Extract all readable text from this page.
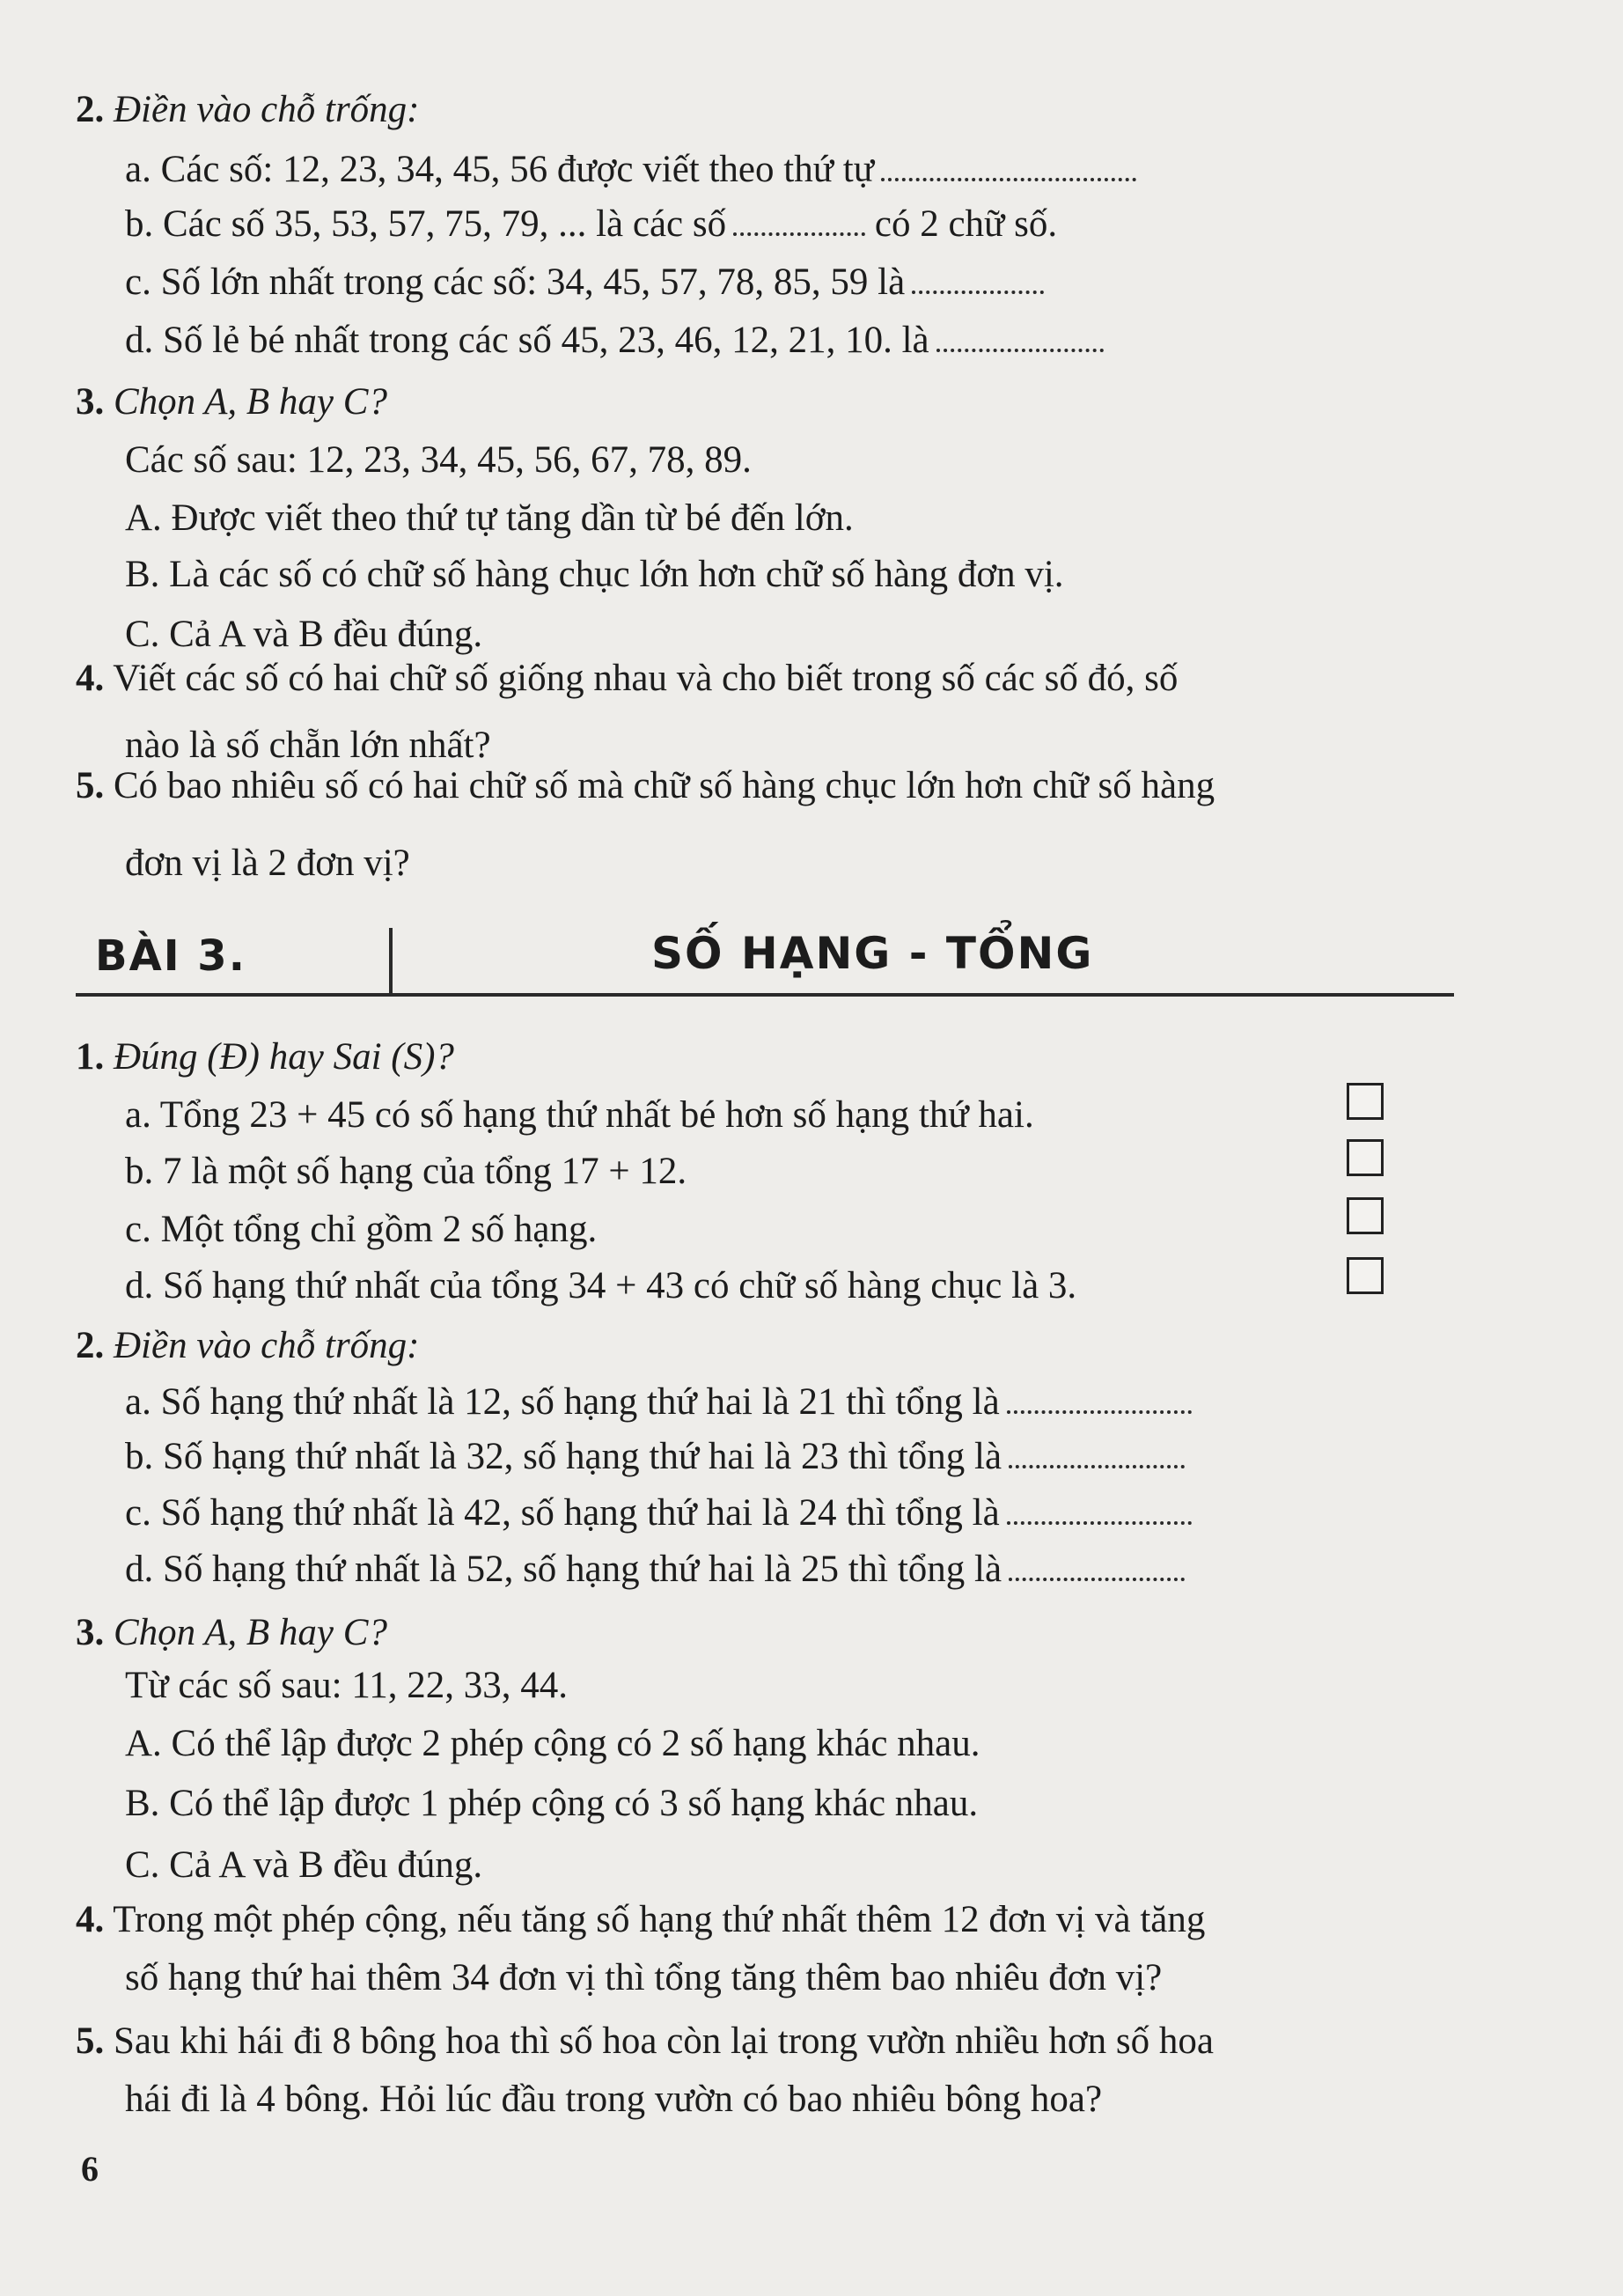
2. Điền vào chỗ trống:
a. Các số: 12, 23, 34, 45, 56 được viết theo thứ tự
b. Các số 35, 53, 57, 75, 79, ... là các số	có 2 chữ số.
c. Số lớn nhất trong các số: 34, 45, 57, 78, 85, 59 là
d. Số lẻ bé nhất trong các số 45, 23, 46, 12, 21, 10. là
3. Chọn A, B hay C?
Các số sau: 12, 23, 34, 45, 56, 67, 78, 89.
A. Được viết theo thứ tự tăng dần từ bé đến lớn.
B. Là các số có chữ số hàng chục lớn hơn chữ số hàng đơn vị.
C. Cả A và B đều đúng.
4. Viết các số có hai chữ số giống nhau và cho biết trong số các số đó, số
nào là số chẵn lớn nhất?
5. Có bao nhiêu số có hai chữ số mà chữ số hàng chục lớn hơn chữ số hàng
đơn vị là 2 đơn vị?
BÀI 3.	SỐ HẠNG - TỔNG
1. Đúng (Đ) hay Sai (S)?
a. Tổng 23 + 45 có số hạng thứ nhất bé hơn số hạng thứ hai.
b. 7 là một số hạng của tổng 17 + 12.
c. Một tổng chỉ gồm 2 số hạng.
d. Số hạng thứ nhất của tổng 34 + 43 có chữ số hàng chục là 3.
2. Điền vào chỗ trống:
a. Số hạng thứ nhất là 12, số hạng thứ hai là 21 thì tổng là
b. Số hạng thứ nhất là 32, số hạng thứ hai là 23 thì tổng là
c. Số hạng thứ nhất là 42, số hạng thứ hai là 24 thì tổng là
d. Số hạng thứ nhất là 52, số hạng thứ hai là 25 thì tổng là
3. Chọn A, B hay C?
Từ các số sau: 11, 22, 33, 44.
A. Có thể lập được 2 phép cộng có 2 số hạng khác nhau.
B. Có thể lập được 1 phép cộng có 3 số hạng khác nhau.
C. Cả A và B đều đúng.
4. Trong một phép cộng, nếu tăng số hạng thứ nhất thêm 12 đơn vị và tăng
số hạng thứ hai thêm 34 đơn vị thì tổng tăng thêm bao nhiêu đơn vị?
5. Sau khi hái đi 8 bông hoa thì số hoa còn lại trong vườn nhiều hơn số hoa
hái đi là 4 bông. Hỏi lúc đầu trong vườn có bao nhiêu bông hoa?
6
